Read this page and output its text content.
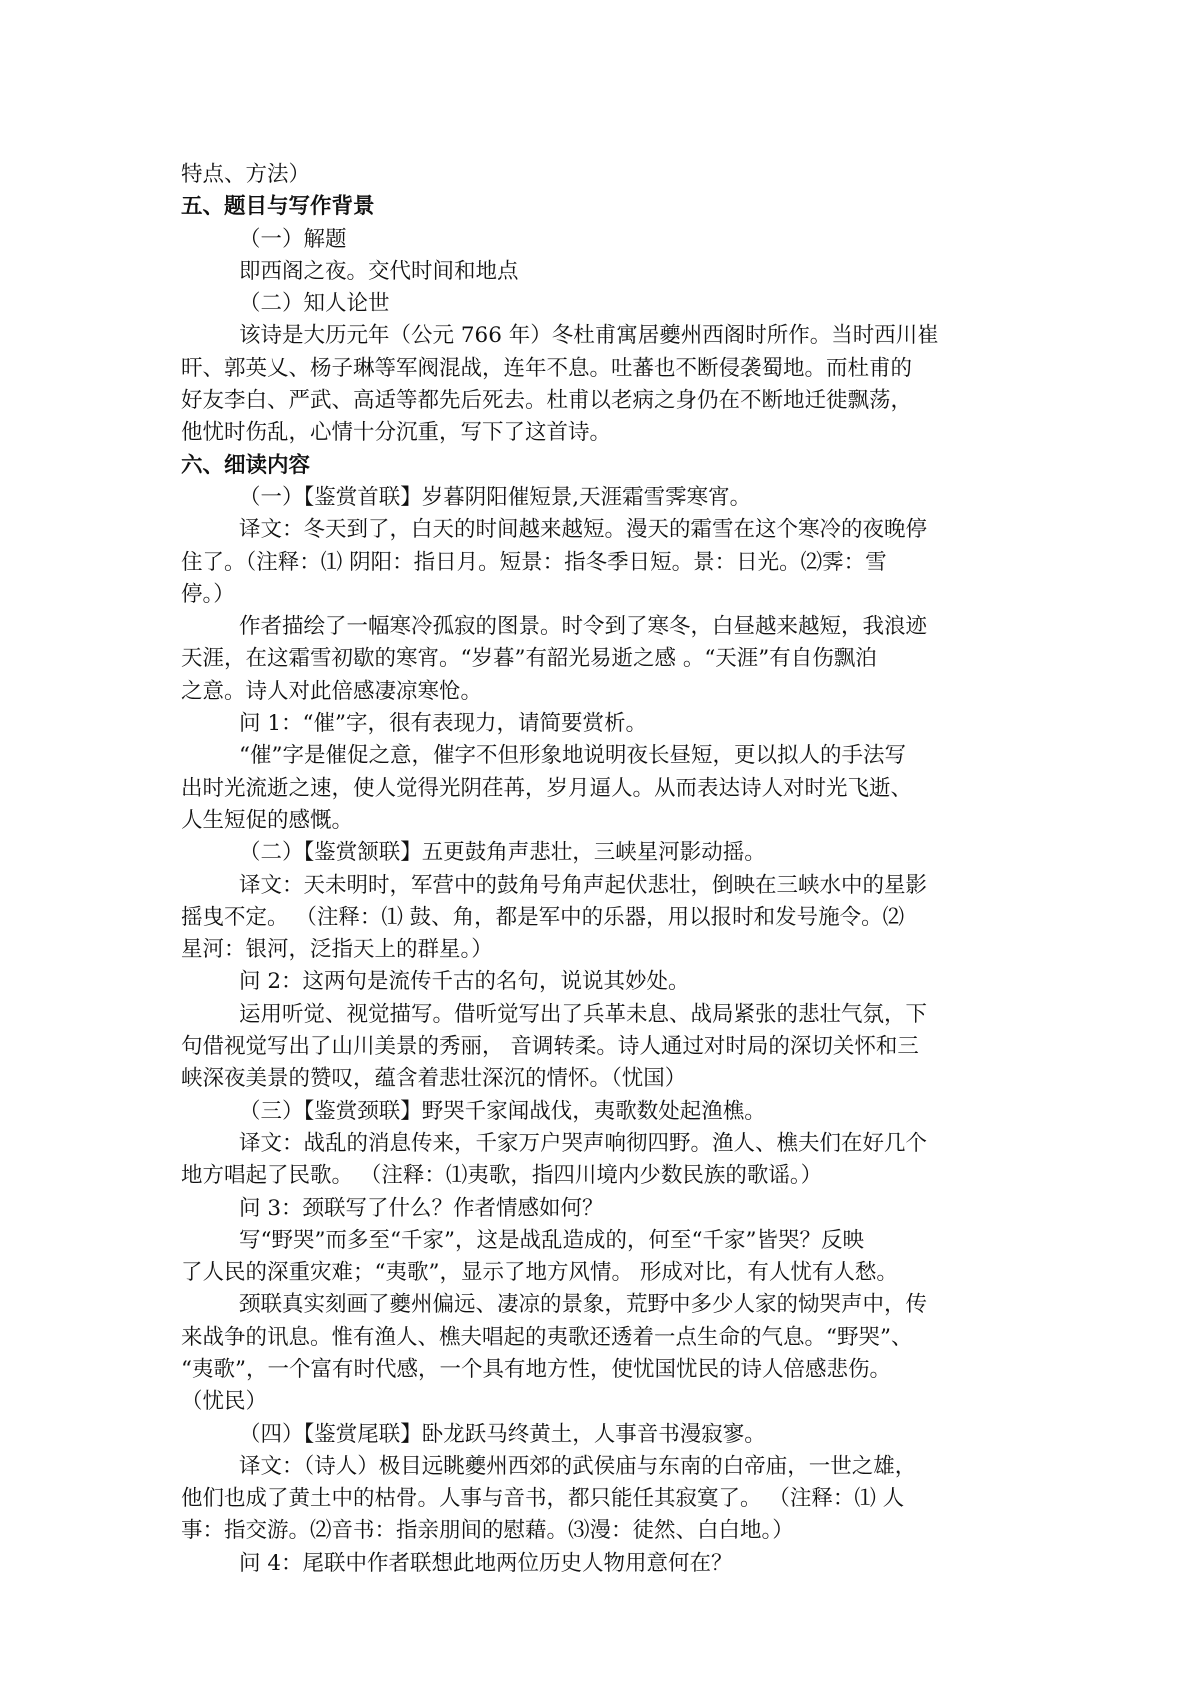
特点、方法）
五、题目与写作背景
（一）解题
即西阁之夜。交代时间和地点
（二）知人论世
该诗是大历元年（公元 766 年）冬杜甫寓居夔州西阁时所作。当时西川崔
旰、郭英乂、杨子琳等军阀混战，连年不息。吐蕃也不断侵袭蜀地。而杜甫的
好友李白、严武、高适等都先后死去。杜甫以老病之身仍在不断地迁徙飘荡，
他忧时伤乱，心情十分沉重，写下了这首诗。
六、细读内容
（一）【鉴赏首联】岁暮阴阳催短景,天涯霜雪霁寒宵。
译文：冬天到了，白天的时间越来越短。漫天的霜雪在这个寒冷的夜晚停
住了。（注释：⑴ 阴阳：指日月。短景：指冬季日短。景：日光。⑵霁：雪
停。）
作者描绘了一幅寒冷孤寂的图景。时令到了寒冬，白昼越来越短，我浪迹
天涯，在这霜雪初歇的寒宵。“岁暮”有韶光易逝之感 。“天涯”有自伤飘泊
之意。诗人对此倍感凄凉寒怆。
问 1：“催”字，很有表现力，请简要赏析。
“催”字是催促之意，催字不但形象地说明夜长昼短，更以拟人的手法写
出时光流逝之速，使人觉得光阴荏苒，岁月逼人。从而表达诗人对时光飞逝、
人生短促的感慨。
（二）【鉴赏颔联】五更鼓角声悲壮，三峡星河影动摇。
译文：天未明时，军营中的鼓角号角声起伏悲壮，倒映在三峡水中的星影
摇曳不定。 （注释：⑴ 鼓、角，都是军中的乐器，用以报时和发号施令。⑵
星河：银河，泛指天上的群星。）
问 2：这两句是流传千古的名句，说说其妙处。
运用听觉、视觉描写。借听觉写出了兵革未息、战局紧张的悲壮气氛，下
句借视觉写出了山川美景的秀丽， 音调转柔。诗人通过对时局的深切关怀和三
峡深夜美景的赞叹，蕴含着悲壮深沉的情怀。（忧国）
（三）【鉴赏颈联】野哭千家闻战伐，夷歌数处起渔樵。
译文：战乱的消息传来，千家万户哭声响彻四野。渔人、樵夫们在好几个
地方唱起了民歌。 （注释：⑴夷歌，指四川境内少数民族的歌谣。）
问 3：颈联写了什么？作者情感如何？
写“野哭”而多至“千家”，这是战乱造成的，何至“千家”皆哭？反映
了人民的深重灾难；“夷歌”，显示了地方风情。 形成对比，有人忧有人愁。
颈联真实刻画了夔州偏远、凄凉的景象，荒野中多少人家的恸哭声中，传
来战争的讯息。惟有渔人、樵夫唱起的夷歌还透着一点生命的气息。“野哭”、
“夷歌”，一个富有时代感，一个具有地方性，使忧国忧民的诗人倍感悲伤。
（忧民）
（四）【鉴赏尾联】卧龙跃马终黄土，人事音书漫寂寥。
译文：（诗人）极目远眺夔州西郊的武侯庙与东南的白帝庙，一世之雄，
他们也成了黄土中的枯骨。人事与音书，都只能任其寂寞了。 （注释：⑴ 人
事：指交游。⑵音书：指亲朋间的慰藉。⑶漫：徒然、白白地。）
问 4：尾联中作者联想此地两位历史人物用意何在？
